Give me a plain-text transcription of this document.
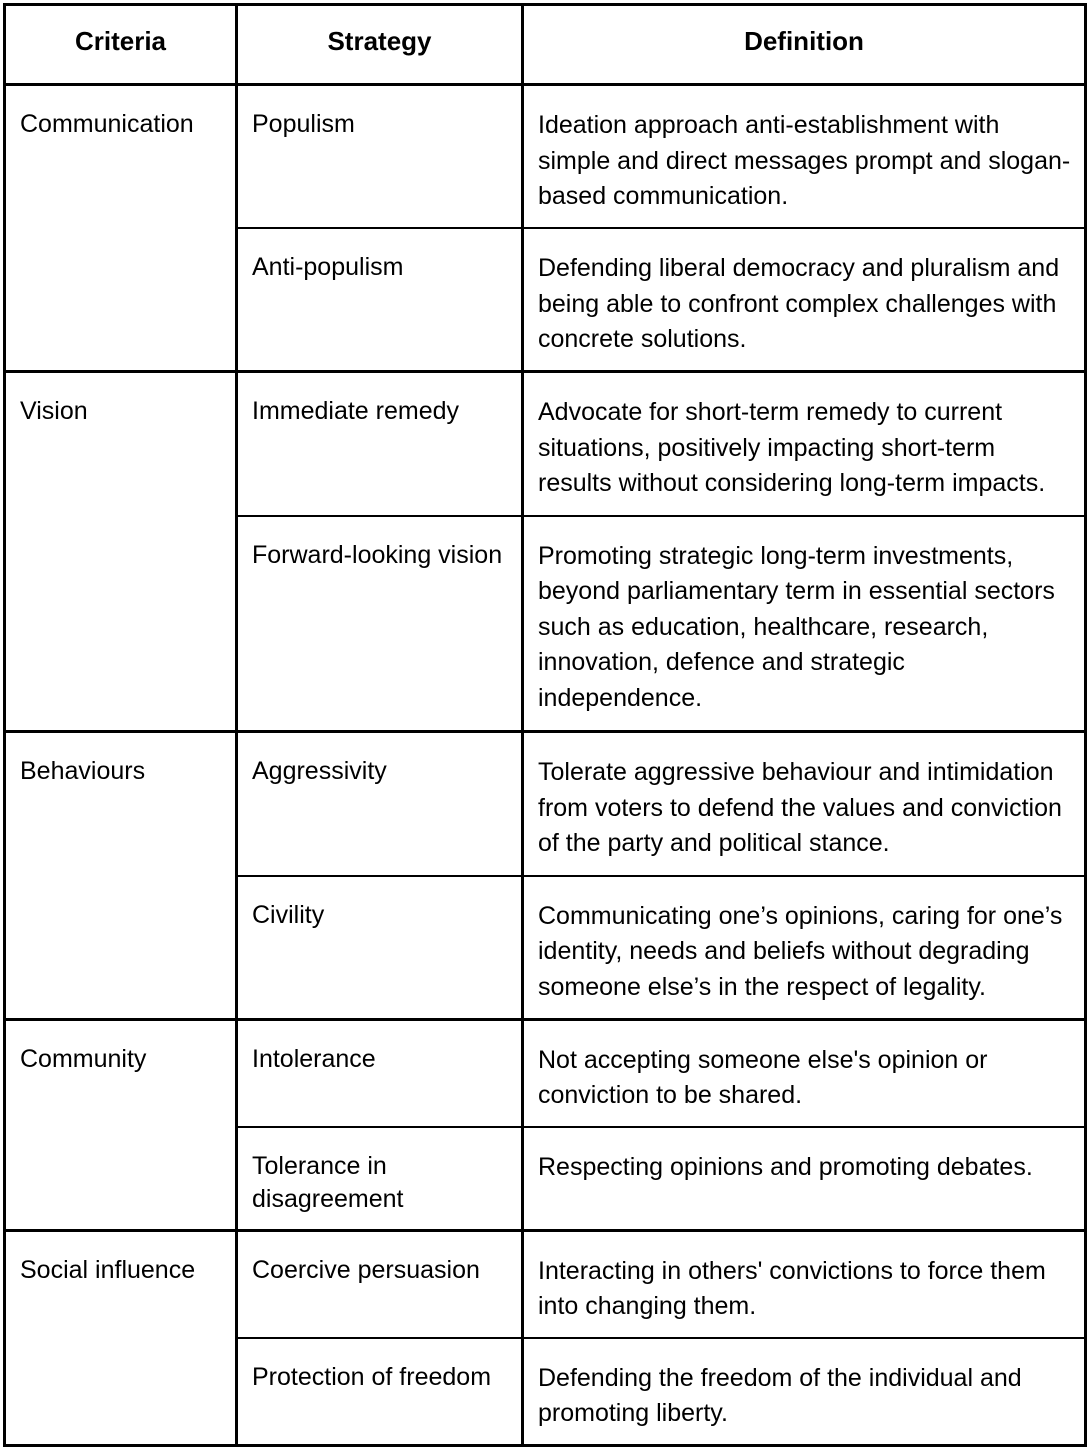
Criteria	Strategy	Definition

Communication	Populism	Ideation approach anti-establishment with simple and direct messages prompt and slogan-based communication.

	Anti-populism	Defending liberal democracy and pluralism and being able to confront complex challenges with concrete solutions.

Vision	Immediate remedy	Advocate for short-term remedy to current situations, positively impacting short-term results without considering long-term impacts.

	Forward-looking vision	Promoting strategic long-term investments, beyond parliamentary term in essential sectors such as education, healthcare, research, innovation, defence and strategic independence.

Behaviours	Aggressivity	Tolerate aggressive behaviour and intimidation from voters to defend the values and conviction of the party and political stance.

	Civility	Communicating one’s opinions, caring for one’s identity, needs and beliefs without degrading someone else’s in the respect of legality.

Community	Intolerance	Not accepting someone else's opinion or conviction to be shared.

	Tolerance in disagreement	Respecting opinions and promoting debates.

Social influence	Coercive persuasion	Interacting in others' convictions to force them into changing them.

	Protection of freedom	Defending the freedom of the individual and promoting liberty.
